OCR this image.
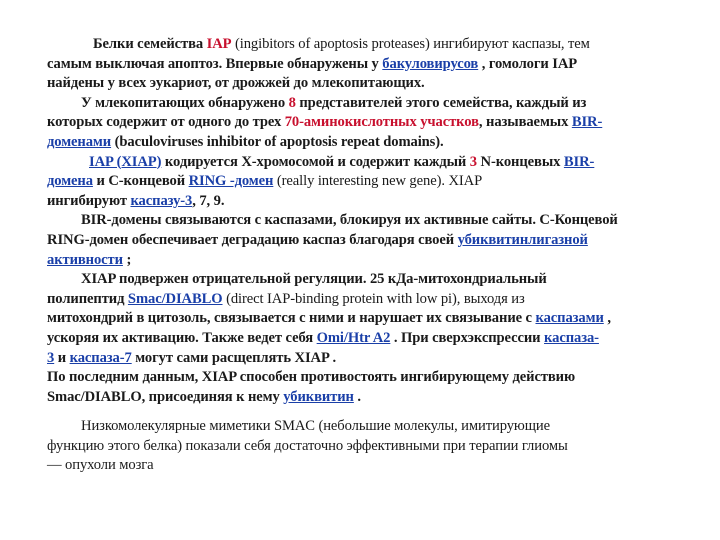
Белки семейства IAP (ingibitors of apoptosis proteases) ингибируют каспазы, тем
самым выключая апоптоз. Впервые обнаружены у бакуловирусов , гомологи IAP
найдены у всех эукариот, от дрожжей до млекопитающих.
У млекопитающих обнаружено 8 представителей этого семейства, каждый из
которых содержит от одного до трех 70-аминокислотных участков, называемых BIR-
доменами (baculoviruses inhibitor of apoptosis repeat domains).
IAP (XIAP) кодируется Х-хромосомой и содержит каждый 3 N-концевых BIR-
домена и C-концевой RING -домен (really interesting new gene). XIAP
ингибируют каспазу-3, 7, 9.
BIR-домены связываются с каспазами, блокируя их активные сайты. С-Концевой
RING-домен обеспечивает деградацию каспаз благодаря своей убиквитинлигазной
активности ;
XIAP подвержен отрицательной регуляции. 25 кДа-митохондриальный
полипептид Smac/DIABLO (direct IAP-binding protein with low pi), выходя из
митохондрий в цитозоль, связывается с ними и нарушает их связывание с каспазами ,
ускоряя их активацию. Также ведет себя Omi/Htr A2 . При сверхэкспрессии каспаза-
3 и каспаза-7 могут сами расщеплять XIAP .
По последним данным, XIAP способен противостоять ингибирующему действию
Smac/DIABLO, присоединяя к нему убиквитин .
Низкомолекулярные миметики SMAC (небольшие молекулы, имитирующие
функцию этого белка) показали себя достаточно эффективными при терапии глиомы
— опухоли мозга
